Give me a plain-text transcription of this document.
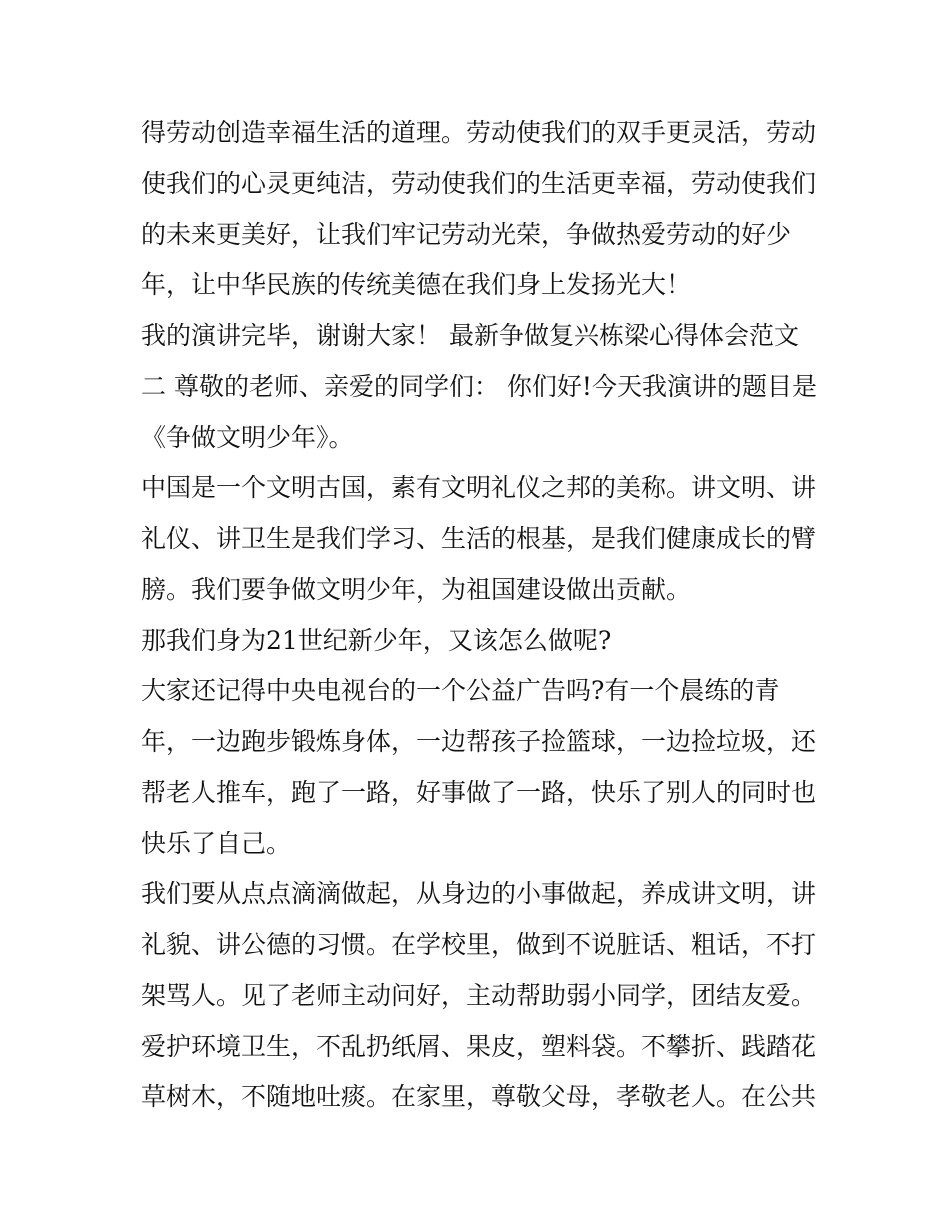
得劳动创造幸福生活的道理。劳动使我们的双手更灵活，劳动
使我们的心灵更纯洁，劳动使我们的生活更幸福，劳动使我们
的未来更美好，让我们牢记劳动光荣，争做热爱劳动的好少
年，让中华民族的传统美德在我们身上发扬光大！
我的演讲完毕，谢谢大家！ 最新争做复兴栋梁心得体会范文
二 尊敬的老师、亲爱的同学们： 你们好!今天我演讲的题目是
《争做文明少年》。
中国是一个文明古国，素有文明礼仪之邦的美称。讲文明、讲
礼仪、讲卫生是我们学习、生活的根基，是我们健康成长的臂
膀。我们要争做文明少年，为祖国建设做出贡献。
那我们身为21世纪新少年，又该怎么做呢?
大家还记得中央电视台的一个公益广告吗?有一个晨练的青
年，一边跑步锻炼身体，一边帮孩子捡篮球，一边捡垃圾，还
帮老人推车，跑了一路，好事做了一路，快乐了别人的同时也
快乐了自己。
我们要从点点滴滴做起，从身边的小事做起，养成讲文明，讲
礼貌、讲公德的习惯。在学校里，做到不说脏话、粗话，不打
架骂人。见了老师主动问好，主动帮助弱小同学，团结友爱。
爱护环境卫生，不乱扔纸屑、果皮，塑料袋。不攀折、践踏花
草树木，不随地吐痰。在家里，尊敬父母，孝敬老人。在公共
